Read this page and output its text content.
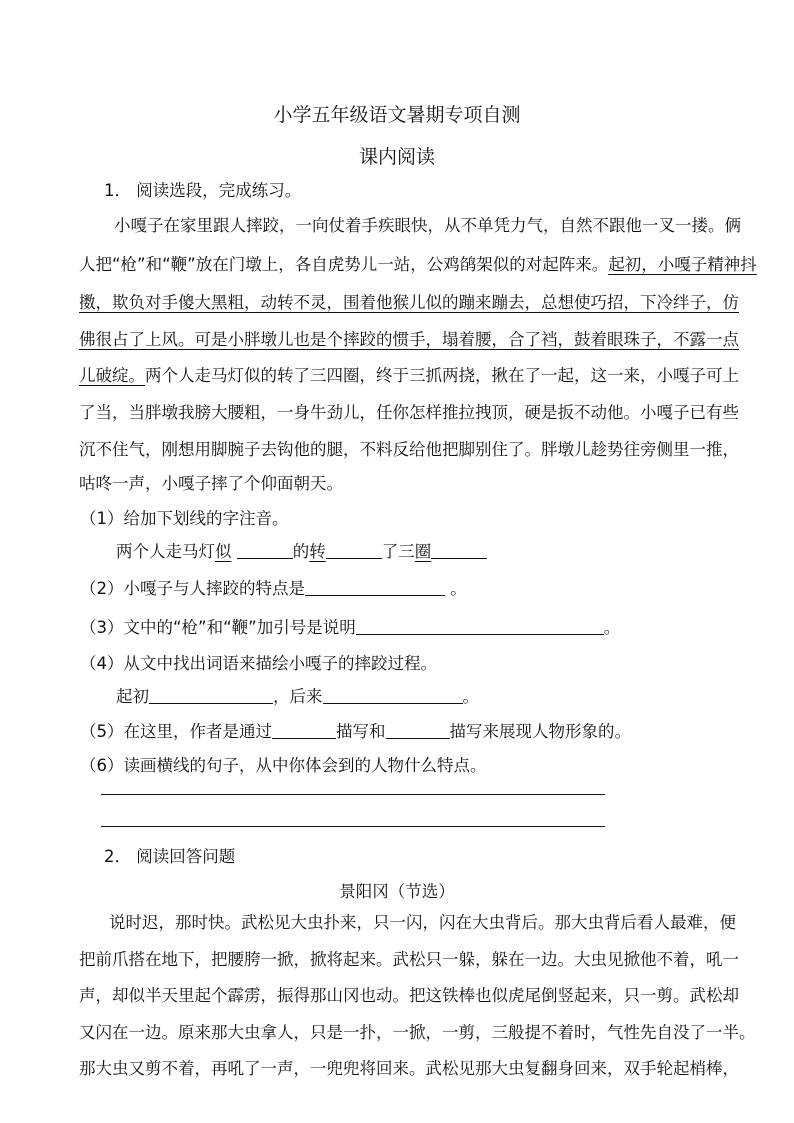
小学五年级语文暑期专项自测
课内阅读
1． 阅读选段，完成练习。
小嘎子在家里跟人摔跤，一向仗着手疾眼快，从不单凭力气，自然不跟他一叉一搂。俩
人把“枪”和“鞭”放在门墩上，各自虎势儿一站，公鸡鹐架似的对起阵来。起初，小嘎子精神抖
擞，欺负对手傻大黑粗，动转不灵，围着他猴儿似的蹦来蹦去，总想使巧招，下冷绊子，仿
佛很占了上风。可是小胖墩儿也是个摔跤的惯手，塌着腰，合了裆，鼓着眼珠子，不露一点
儿破绽。两个人走马灯似的转了三四圈，终于三抓两挠，揪在了一起，这一来，小嘎子可上
了当，当胖墩我膀大腰粗，一身牛劲儿，任你怎样推拉拽顶，硬是扳不动他。小嘎子已有些
沉不住气，刚想用脚腕子去钩他的腿，不料反给他把脚别住了。胖墩儿趁势往旁侧里一推，
咕咚一声，小嘎子摔了个仰面朝天。
（1）给加下划线的字注音。
两个人走马灯似	的转	了三圈
（2）小嘎子与人摔跤的特点是	。
（3）文中的“枪”和“鞭”加引号是说明	。
（4）从文中找出词语来描绘小嘎子的摔跤过程。
起初	，后来	。
（5）在这里，作者是通过	描写和	描写来展现人物形象的。
（6）读画横线的句子，从中你体会到的人物什么特点。
2． 阅读回答问题
景阳冈（节选）
说时迟，那时快。武松见大虫扑来，只一闪，闪在大虫背后。那大虫背后看人最难，便
把前爪搭在地下，把腰胯一掀，掀将起来。武松只一躲，躲在一边。大虫见掀他不着，吼一
声，却似半天里起个霹雳，振得那山冈也动。把这铁棒也似虎尾倒竖起来，只一剪。武松却
又闪在一边。原来那大虫拿人，只是一扑，一掀，一剪，三般提不着时，气性先自没了一半。
那大虫又剪不着，再吼了一声，一兜兜将回来。武松见那大虫复翻身回来，双手轮起梢棒，
